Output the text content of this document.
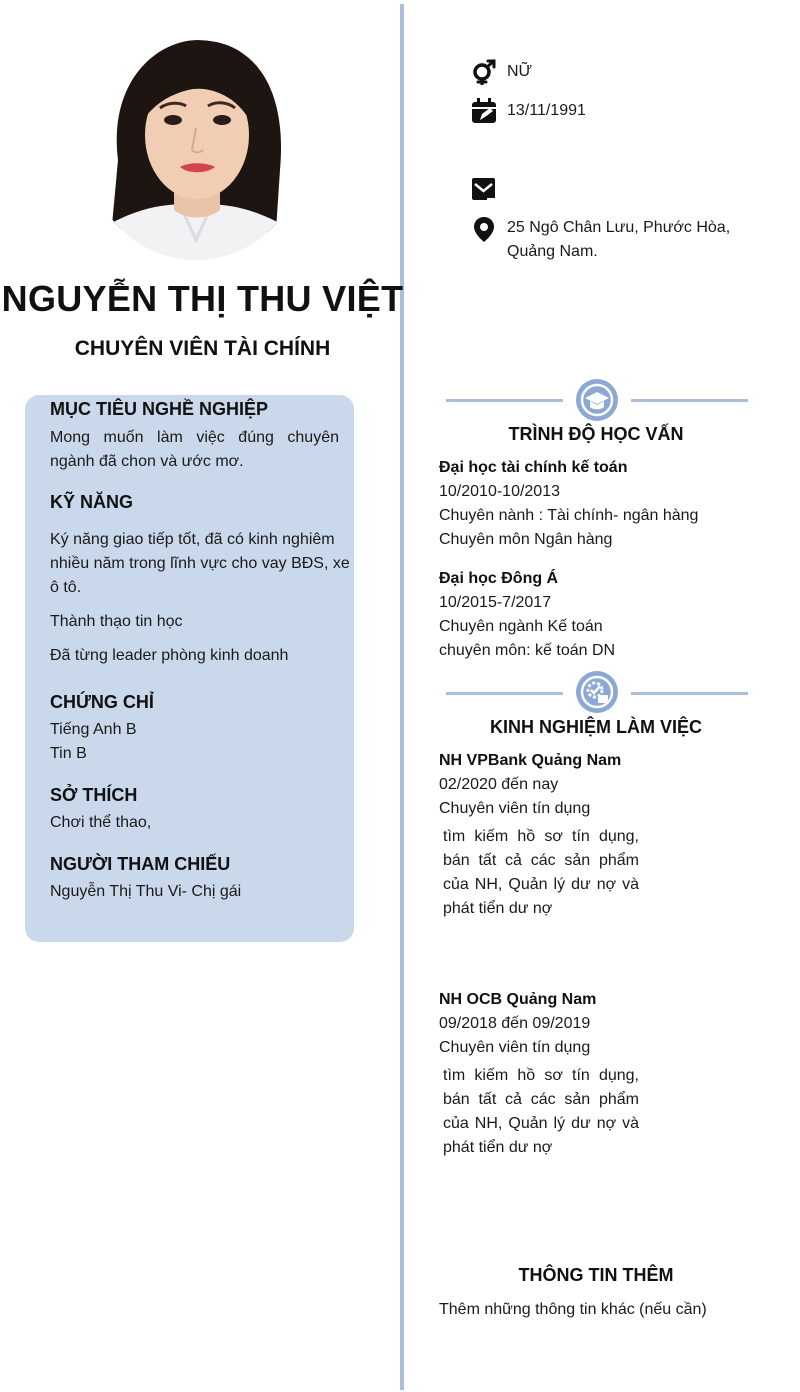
NGUYỄN THỊ THU VIỆT
CHUYÊN VIÊN TÀI CHÍNH
NỮ
13/11/1991
25 Ngô Chân Lưu, Phước Hòa, Quảng Nam.
MỤC TIÊU NGHỀ NGHIỆP
Mong muốn làm việc đúng chuyên ngành đã chon và ước mơ.
KỸ NĂNG
Ký năng giao tiếp tốt, đã có kinh nghiêm nhiều năm trong lĩnh vực cho vay BĐS, xe ô tô.
Thành thạo tin học
Đã từng leader phòng kinh doanh
CHỨNG CHỈ
Tiếng Anh B
Tin B
SỞ THÍCH
Chơi thể thao,
NGƯỜI THAM CHIẾU
Nguyễn Thị Thu Vi- Chị gái
TRÌNH ĐỘ HỌC VẤN
Đại học tài chính kế toán
10/2010-10/2013
Chuyên nành : Tài chính- ngân hàng
Chuyên môn Ngân hàng
Đại học Đông Á
10/2015-7/2017
Chuyên ngành Kế toán
chuyên môn: kế toán DN
KINH NGHIỆM LÀM VIỆC
NH VPBank Quảng Nam
02/2020 đến nay
Chuyên viên tín dụng
tìm kiếm hồ sơ tín dụng, bán tất cả các sản phẩm của NH, Quản lý dư nợ và phát tiển dư nợ
NH OCB Quảng Nam
09/2018 đến 09/2019
Chuyên viên tín dụng
tìm kiếm hồ sơ tín dụng, bán tất cả các sản phẩm của NH, Quản lý dư nợ và phát tiển dư nợ
THÔNG TIN THÊM
Thêm những thông tin khác (nếu cần)
